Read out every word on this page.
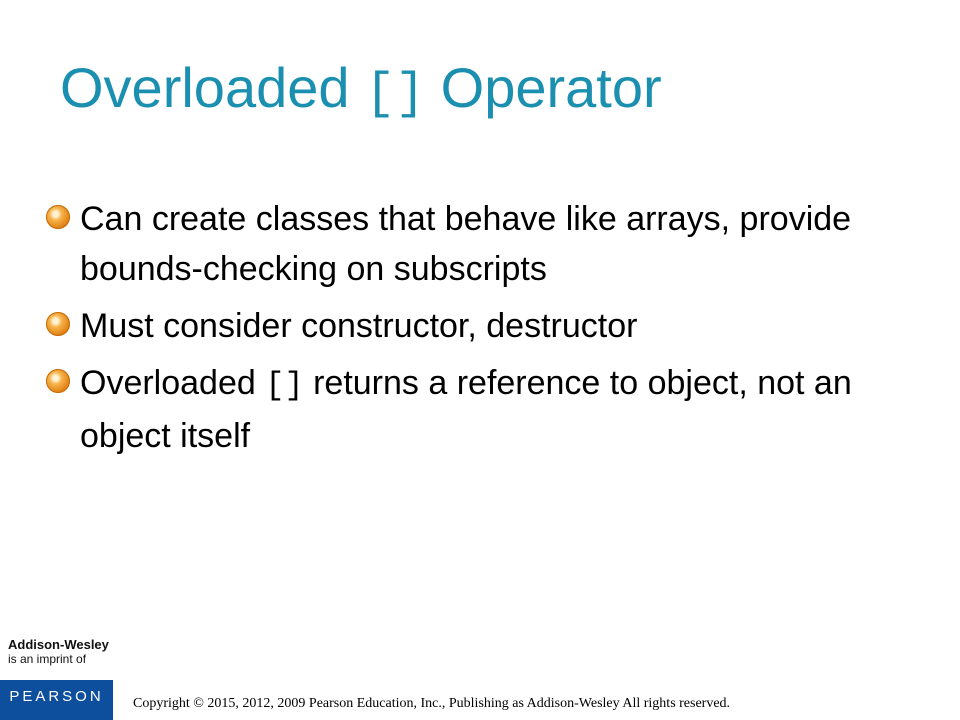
Overloaded [] Operator
Can create classes that behave like arrays, provide bounds-checking on subscripts
Must consider constructor, destructor
Overloaded [] returns a reference to object, not an object itself
Addison-Wesley
is an imprint of
PEARSON	Copyright © 2015, 2012, 2009 Pearson Education, Inc., Publishing as Addison-Wesley All rights reserved.
